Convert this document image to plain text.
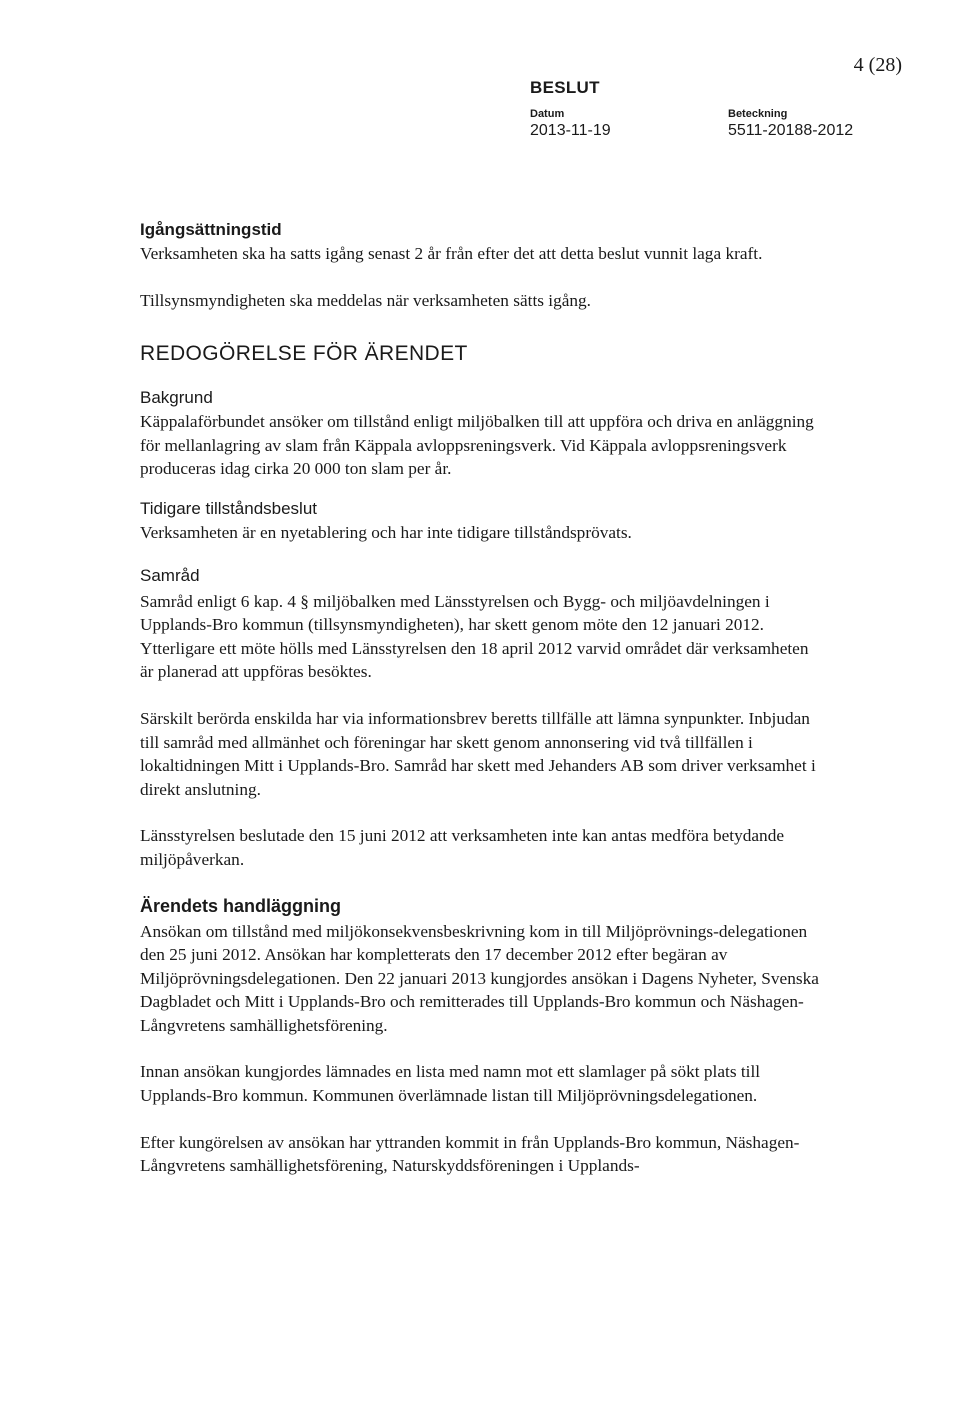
4 (28)
BESLUT
Datum
2013-11-19
Beteckning
5511-20188-2012
Igångsättningstid

Verksamheten ska ha satts igång senast 2 år från efter det att detta beslut vunnit laga kraft.

Tillsynsmyndigheten ska meddelas när verksamheten sätts igång.

REDOGÖRELSE FÖR ÄRENDET
Bakgrund

Käppalaförbundet ansöker om tillstånd enligt miljöbalken till att uppföra och driva en anläggning för mellanlagring av slam från Käppala avloppsreningsverk. Vid Käppala avloppsreningsverk produceras idag cirka 20 000 ton slam per år.

Tidigare tillståndsbeslut

Verksamheten är en nyetablering och har inte tidigare tillståndsprövats.

Samråd

Samråd enligt 6 kap. 4 § miljöbalken med Länsstyrelsen och Bygg- och miljöavdelningen i Upplands-Bro kommun (tillsynsmyndigheten), har skett genom möte den 12 januari 2012. Ytterligare ett möte hölls med Länsstyrelsen den 18 april 2012 varvid området där verksamheten är planerad att uppföras besöktes.

Särskilt berörda enskilda har via informationsbrev beretts tillfälle att lämna synpunkter. Inbjudan till samråd med allmänhet och föreningar har skett genom annonsering vid två tillfällen i lokaltidningen Mitt i Upplands-Bro. Samråd har skett med Jehanders AB som driver verksamhet i direkt anslutning.

Länsstyrelsen beslutade den 15 juni 2012 att verksamheten inte kan antas medföra betydande miljöpåverkan.

Ärendets handläggning

Ansökan om tillstånd med miljökonsekvensbeskrivning kom in till Miljöprövnings-delegationen den 25 juni 2012. Ansökan har kompletterats den 17 december 2012 efter begäran av Miljöprövningsdelegationen. Den 22 januari 2013 kungjordes ansökan i Dagens Nyheter, Svenska Dagbladet och Mitt i Upplands-Bro och remitterades till Upplands-Bro kommun och Näshagen-Långvretens samhällighetsförening.

Innan ansökan kungjordes lämnades en lista med namn mot ett slamlager på sökt plats till Upplands-Bro kommun. Kommunen överlämnade listan till Miljöprövningsdelegationen.

Efter kungörelsen av ansökan har yttranden kommit in från Upplands-Bro kommun, Näshagen-Långvretens samhällighetsförening, Naturskyddsföreningen i Upplands-
